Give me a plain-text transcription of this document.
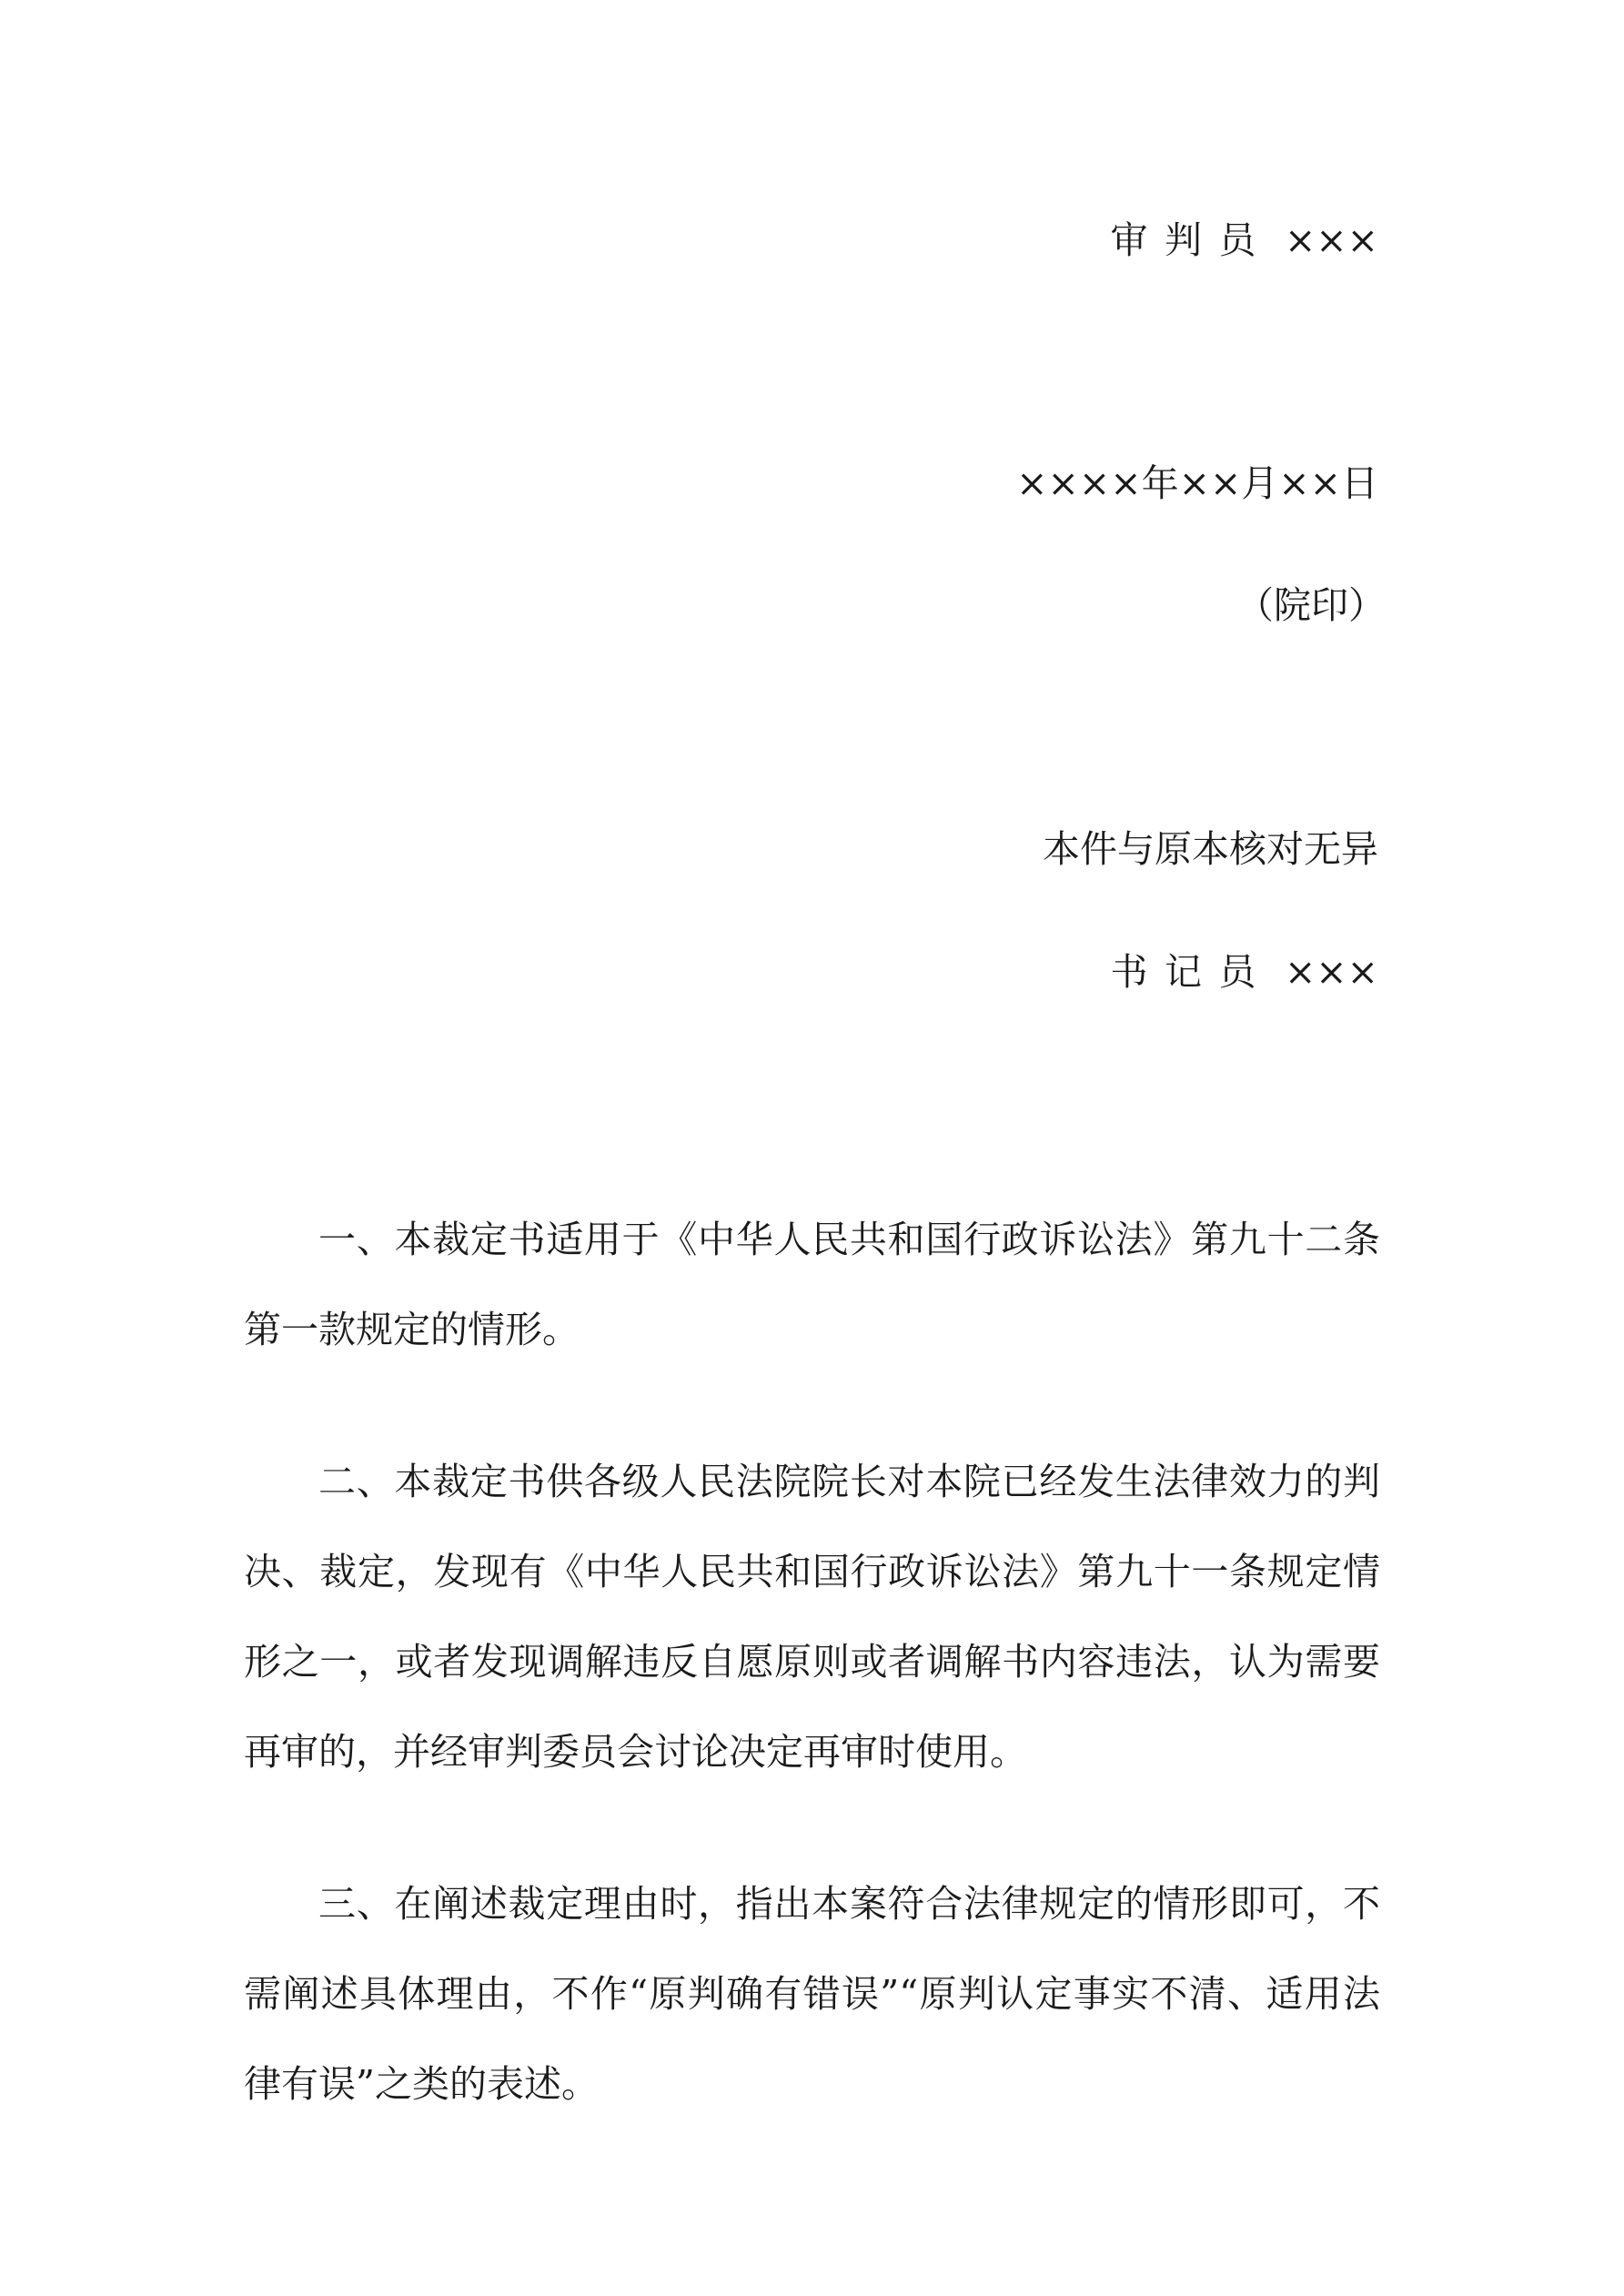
审判员 ×××
××××年××月××日
（院印）
本件与原本核对无异
书记员 ×××

一、本裁定书适用于《中华人民共和国行政诉讼法》第九十二条第一款规定的情形。

二、本裁定书供各级人民法院院长对本院已经发生法律效力的判决、裁定，发现有《中华人民共和国行政诉讼法》第九十一条规定情形之一，或者发现调解违反自愿原则或者调解书内容违法，认为需要再审的，并经审判委员会讨论决定再审时使用。

三、在阐述裁定理由时，指出本案符合法律规定的情形即可，不需阐述具体理由，不作“原判确有错误”“原判认定事实不清、适用法律有误”之类的表述。
